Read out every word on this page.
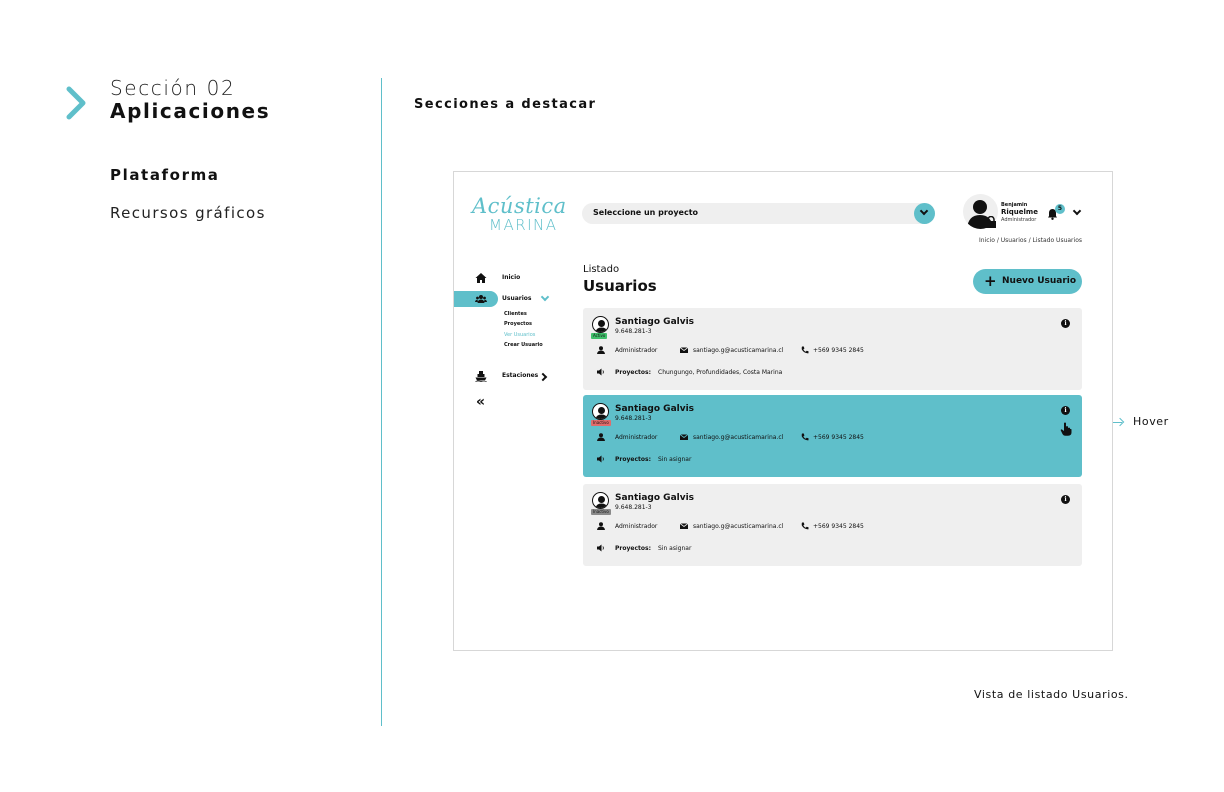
Sección 02
Aplicaciones
Plataforma
Recursos gráficos
Secciones a destacar
Vista de listado Usuarios.
Hover
Acústica
MARINA
Seleccione un proyecto
Benjamin
Riquelme
Administrador
5
Inicio / Usuarios / Listado Usuarios
Inicio
Usuarios
Clientes
Proyectos
Ver Usuarios
Crear Usuario
Estaciones
«
Listado
Usuarios	+ Nuevo Usuario
Activo
Santiago Galvis
9.648.281-3
Administrador	santiago.g@acusticamarina.cl	+569 9345 2845
Proyectos: Chungungo, Profundidades, Costa Marina
i
Inactivo
Santiago Galvis
9.648.281-3
Administrador	santiago.g@acusticamarina.cl	+569 9345 2845
Proyectos: Sin asignar
i
Inactivo
Santiago Galvis
9.648.281-3
Administrador	santiago.g@acusticamarina.cl	+569 9345 2845
Proyectos: Sin asignar
i
